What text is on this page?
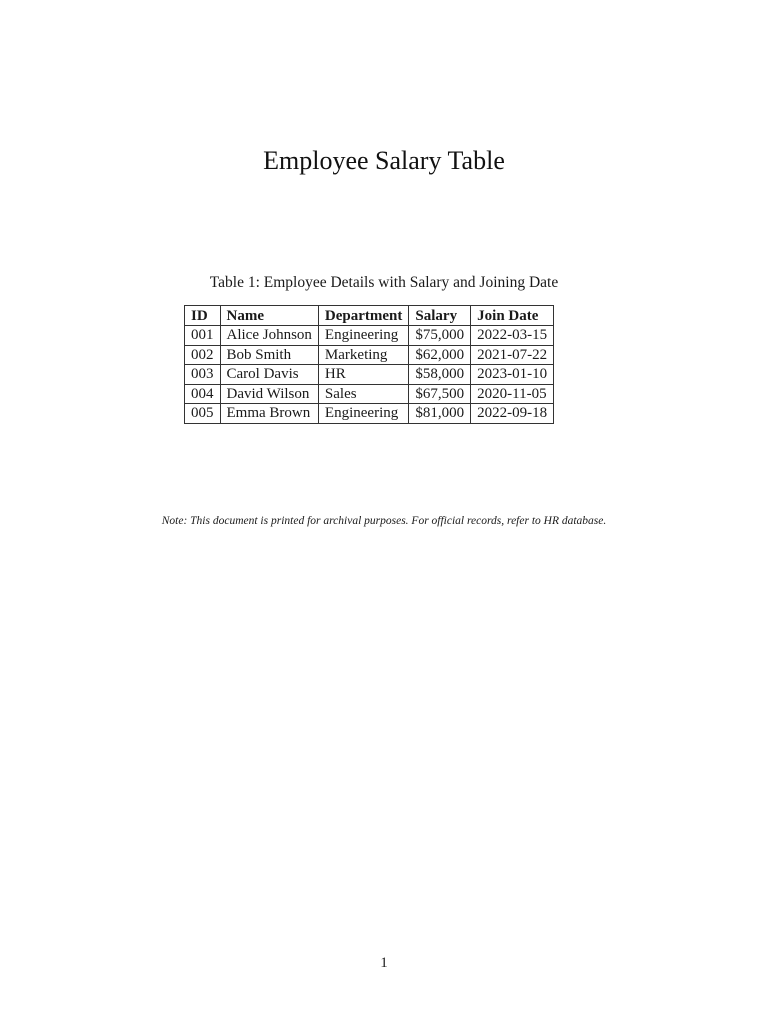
Employee Salary Table
Table 1: Employee Details with Salary and Joining Date
ID	Name	Department	Salary	Join Date
001	Alice Johnson	Engineering	$75,000	2022-03-15
002	Bob Smith	Marketing	$62,000	2021-07-22
003	Carol Davis	HR	$58,000	2023-01-10
004	David Wilson	Sales	$67,500	2020-11-05
005	Emma Brown	Engineering	$81,000	2022-09-18
Note: This document is printed for archival purposes. For official records, refer to HR database.
1
